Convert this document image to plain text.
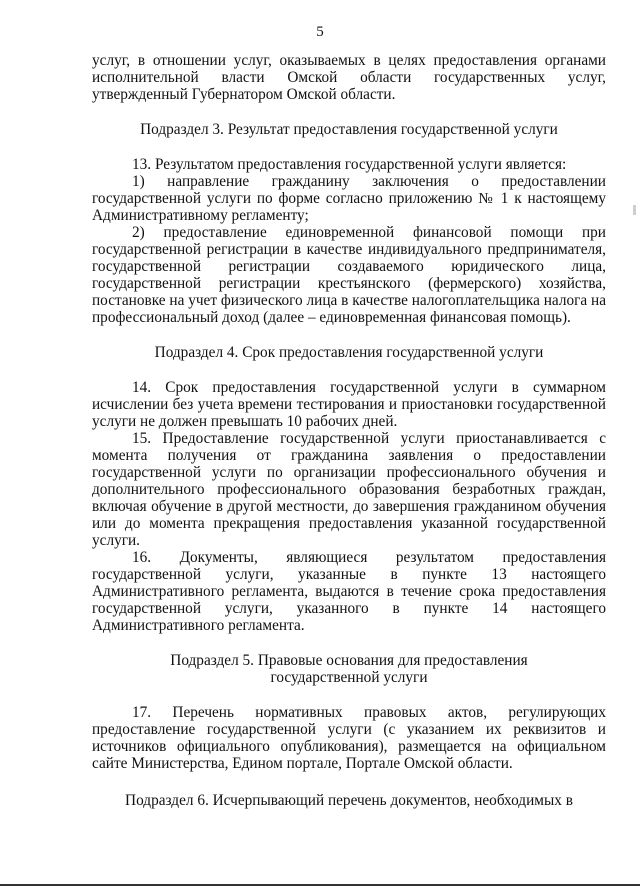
5

услуг, в отношении услуг, оказываемых в целях предоставления органами исполнительной власти Омской области государственных услуг, утвержденный Губернатором Омской области.

Подраздел 3. Результат предоставления государственной услуги

13. Результатом предоставления государственной услуги является:

1) направление гражданину заключения о предоставлении государственной услуги по форме согласно приложению № 1 к настоящему Административному регламенту;

2) предоставление единовременной финансовой помощи при государственной регистрации в качестве индивидуального предпринимателя, государственной регистрации создаваемого юридического лица, государственной регистрации крестьянского (фермерского) хозяйства, постановке на учет физического лица в качестве налогоплательщика налога на профессиональный доход (далее – единовременная финансовая помощь).

Подраздел 4. Срок предоставления государственной услуги

14. Срок предоставления государственной услуги в суммарном исчислении без учета времени тестирования и приостановки государственной услуги не должен превышать 10 рабочих дней.

15. Предоставление государственной услуги приостанавливается с момента получения от гражданина заявления о предоставлении государственной услуги по организации профессионального обучения и дополнительного профессионального образования безработных граждан, включая обучение в другой местности, до завершения гражданином обучения или до момента прекращения предоставления указанной государственной услуги.

16. Документы, являющиеся результатом предоставления государственной услуги, указанные в пункте 13 настоящего Административного регламента, выдаются в течение срока предоставления государственной услуги, указанного в пункте 14 настоящего Административного регламента.

Подраздел 5. Правовые основания для предоставления
государственной услуги

17. Перечень нормативных правовых актов, регулирующих предоставление государственной услуги (с указанием их реквизитов и источников официального опубликования), размещается на официальном сайте Министерства, Едином портале, Портале Омской области.

Подраздел 6. Исчерпывающий перечень документов, необходимых в
